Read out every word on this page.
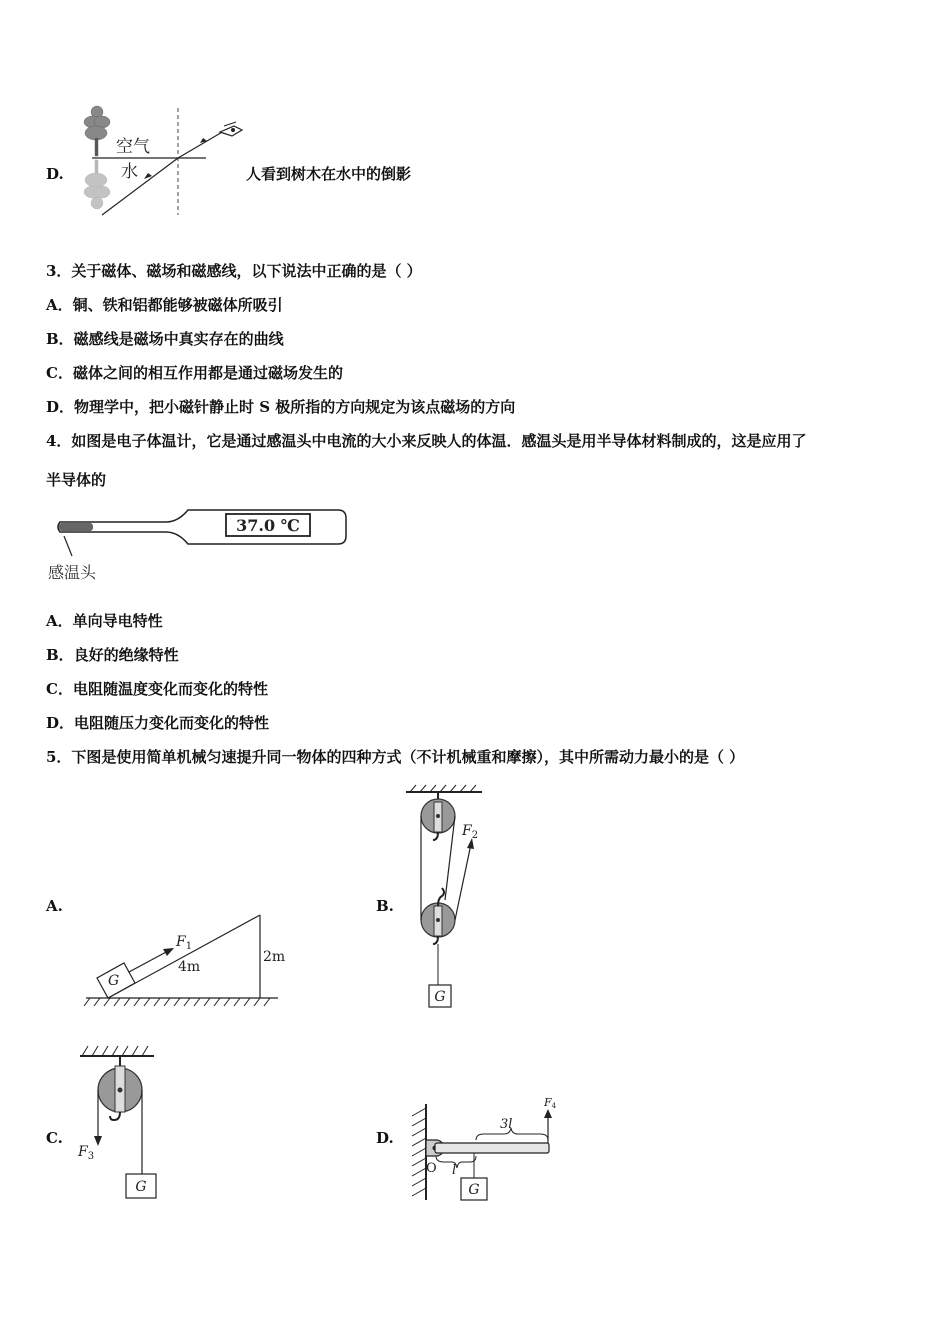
D.
空气
水	人看到树木在水中的倒影
3．关于磁体、磁场和磁感线，以下说法中正确的是（ ）
A．铜、铁和铝都能够被磁体所吸引
B．磁感线是磁场中真实存在的曲线
C．磁体之间的相互作用都是通过磁场发生的
D．物理学中，把小磁针静止时 S 极所指的方向规定为该点磁场的方向
4．如图是电子体温计，它是通过感温头中电流的大小来反映人的体温．感温头是用半导体材料制成的，这是应用了
半导体的
37.0 ℃
感温头
A．单向导电特性
B．良好的绝缘特性
C．电阻随温度变化而变化的特性
D．电阻随压力变化而变化的特性
5．下图是使用简单机械匀速提升同一物体的四种方式（不计机械重和摩擦），其中所需动力最小的是（ ）
A.
G
$F_1$
4m
2m
B.
$F_2$
G
C.
$F_3$
G
D.
O l
3l
F4
G
